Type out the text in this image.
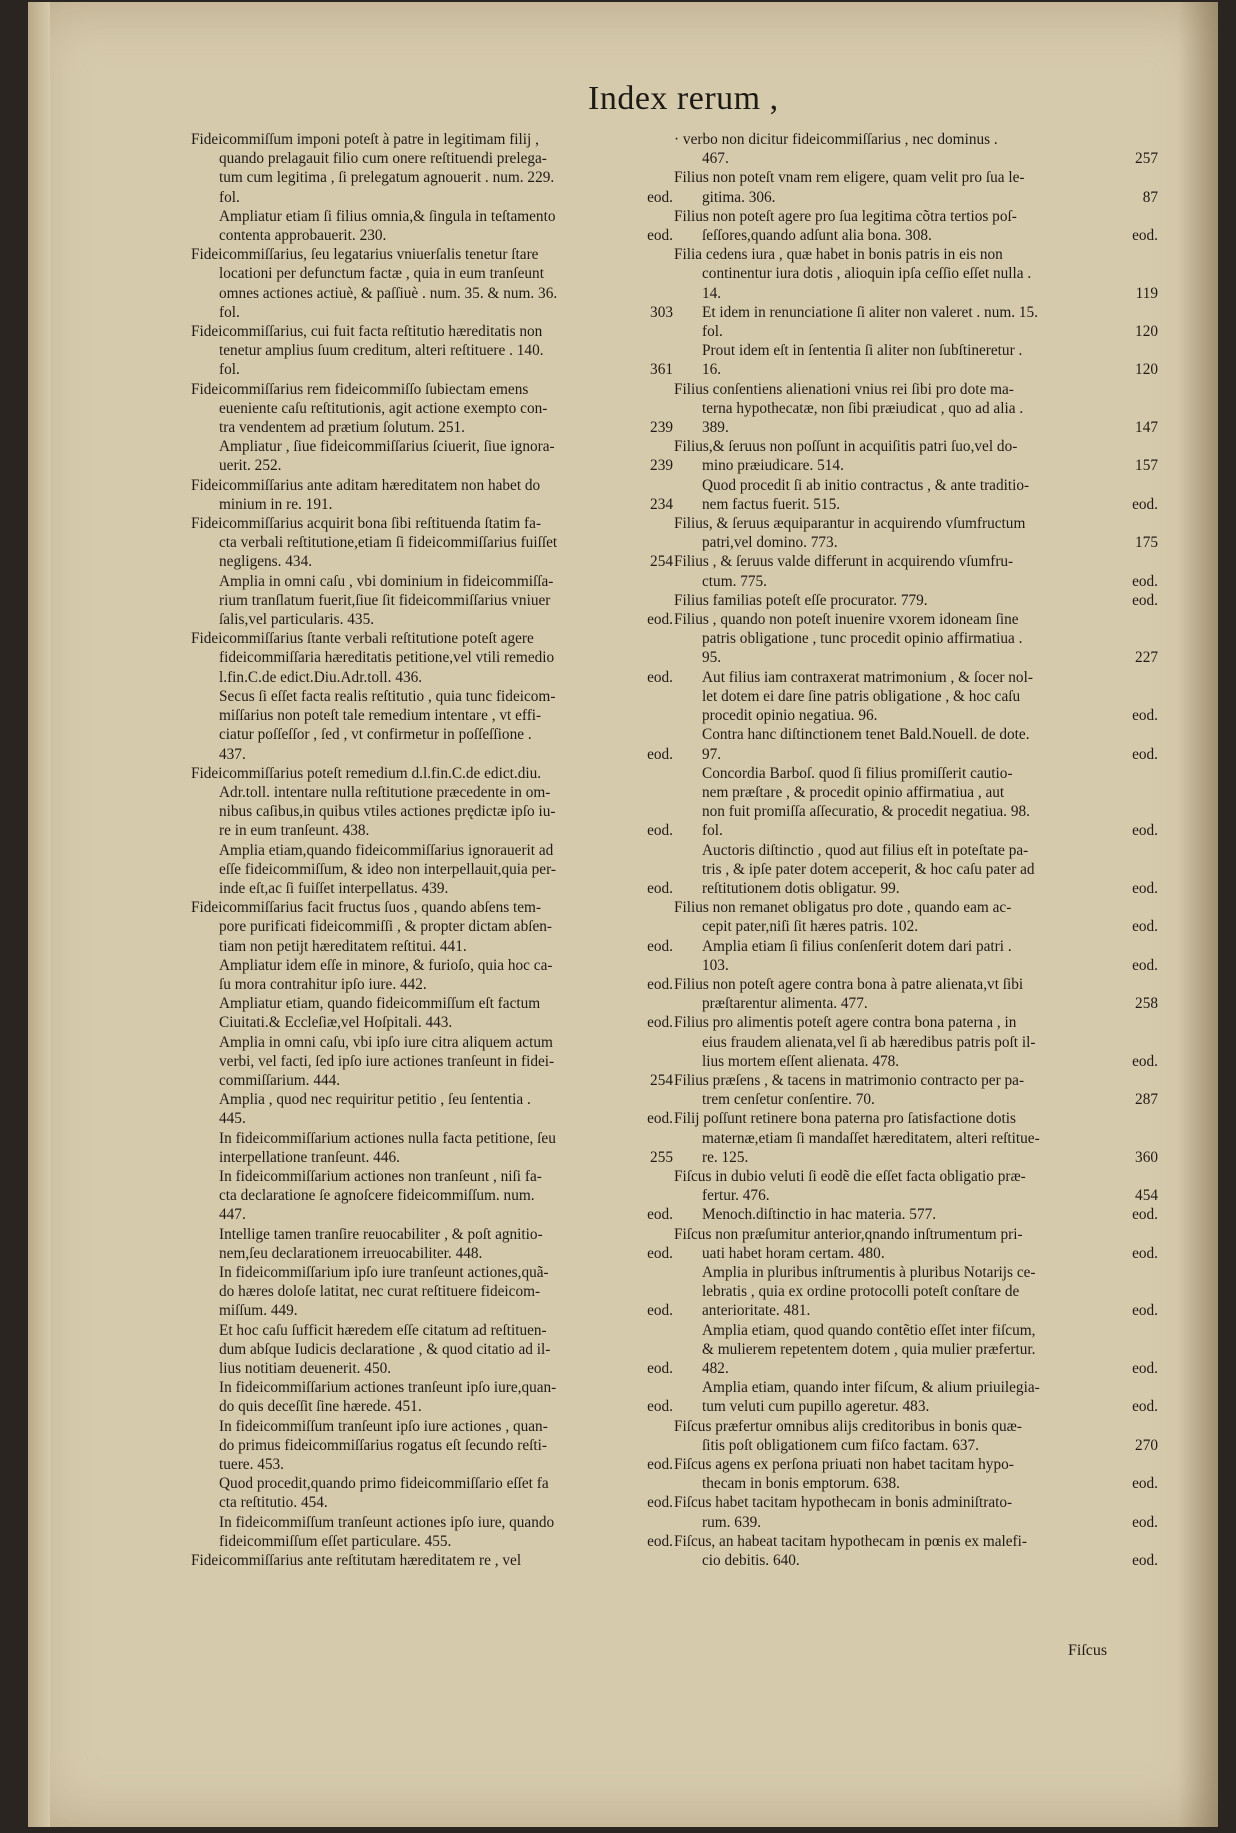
Index rerum ,
Fideicommiſſum imponi poteſt à patre in legitimam filij ,
quando prelagauit filio cum onere reſtituendi prelega-
tum cum legitima , ſi prelegatum agnouerit . num. 229.
fol.	eod.
Ampliatur etiam ſi filius omnia,& ſingula in teſtamento
contenta approbauerit. 230.	eod.
Fideicommiſſarius, ſeu legatarius vniuerſalis tenetur ſtare
locationi per defunctum factæ , quia in eum tranſeunt
omnes actiones actiuè, & paſſiuè . num. 35. & num. 36.
fol.	303
Fideicommiſſarius, cui fuit facta reſtitutio hæreditatis non
tenetur amplius ſuum creditum, alteri reſtituere . 140.
fol.	361
Fideicommiſſarius rem fideicommiſſo ſubiectam emens
eueniente caſu reſtitutionis, agit actione exempto con-
tra vendentem ad prætium ſolutum. 251.	239
Ampliatur , ſiue fideicommiſſarius ſciuerit, ſiue ignora-
uerit. 252.	239
Fideicommiſſarius ante aditam hæreditatem non habet do
minium in re. 191.	234
Fideicommiſſarius acquirit bona ſibi reſtituenda ſtatim fa-
cta verbali reſtitutione,etiam ſi fideicommiſſarius fuiſſet
negligens. 434.	254
Amplia in omni caſu , vbi dominium in fideicommiſſa-
rium tranſlatum fuerit,ſiue ſit fideicommiſſarius vniuer
ſalis,vel particularis. 435.	eod.
Fideicommiſſarius ſtante verbali reſtitutione poteſt agere
fideicommiſſaria hæreditatis petitione,vel vtili remedio
l.fin.C.de edict.Diu.Adr.toll. 436.	eod.
Secus ſi eſſet facta realis reſtitutio , quia tunc fideicom-
miſſarius non poteſt tale remedium intentare , vt effi-
ciatur poſſeſſor , ſed , vt confirmetur in poſſeſſione .
437.	eod.
Fideicommiſſarius poteſt remedium d.l.fin.C.de edict.diu.
Adr.toll. intentare nulla reſtitutione præcedente in om-
nibus caſibus,in quibus vtiles actiones prędictæ ipſo iu-
re in eum tranſeunt. 438.	eod.
Amplia etiam,quando fideicommiſſarius ignorauerit ad
eſſe fideicommiſſum, & ideo non interpellauit,quia per-
inde eſt,ac ſi fuiſſet interpellatus. 439.	eod.
Fideicommiſſarius facit fructus ſuos , quando abſens tem-
pore purificati fideicommiſſi , & propter dictam abſen-
tiam non petijt hæreditatem reſtitui. 441.	eod.
Ampliatur idem eſſe in minore, & furioſo, quia hoc ca-
ſu mora contrahitur ipſo iure. 442.	eod.
Ampliatur etiam, quando fideicommiſſum eſt factum
Ciuitati.& Eccleſiæ,vel Hoſpitali. 443.	eod.
Amplia in omni caſu, vbi ipſo iure citra aliquem actum
verbi, vel facti, ſed ipſo iure actiones tranſeunt in fidei-
commiſſarium. 444.	254
Amplia , quod nec requiritur petitio , ſeu ſententia .
445.	eod.
In fideicommiſſarium actiones nulla facta petitione, ſeu
interpellatione tranſeunt. 446.	255
In fideicommiſſarium actiones non tranſeunt , niſi fa-
cta declaratione ſe agnoſcere fideicommiſſum. num.
447.	eod.
Intellige tamen tranſire reuocabiliter , & poſt agnitio-
nem,ſeu declarationem irreuocabiliter. 448.	eod.
In fideicommiſſarium ipſo iure tranſeunt actiones,quã-
do hæres doloſe latitat, nec curat reſtituere fideicom-
miſſum. 449.	eod.
Et hoc caſu ſufficit hæredem eſſe citatum ad reſtituen-
dum abſque Iudicis declaratione , & quod citatio ad il-
lius notitiam deuenerit. 450.	eod.
In fideicommiſſarium actiones tranſeunt ipſo iure,quan-
do quis deceſſit ſine hærede. 451.	eod.
In fideicommiſſum tranſeunt ipſo iure actiones , quan-
do primus fideicommiſſarius rogatus eſt ſecundo reſti-
tuere. 453.	eod.
Quod procedit,quando primo fideicommiſſario eſſet fa
cta reſtitutio. 454.	eod.
In fideicommiſſum tranſeunt actiones ipſo iure, quando
fideicommiſſum eſſet particulare. 455.	eod.
Fideicommiſſarius ante reſtitutam hæreditatem re , vel
· verbo non dicitur fideicommiſſarius , nec dominus .
467.	257
Filius non poteſt vnam rem eligere, quam velit pro ſua le-
gitima. 306.	87
Filius non poteſt agere pro ſua legitima cõtra tertios poſ-
ſeſſores,quando adſunt alia bona. 308.	eod.
Filia cedens iura , quæ habet in bonis patris in eis non
continentur iura dotis , alioquin ipſa ceſſio eſſet nulla .
14.	119
Et idem in renunciatione ſi aliter non valeret . num. 15.
fol.	120
Prout idem eſt in ſententia ſi aliter non ſubſtineretur .
16.	120
Filius conſentiens alienationi vnius rei ſibi pro dote ma-
terna hypothecatæ, non ſibi præiudicat , quo ad alia .
389.	147
Filius,& ſeruus non poſſunt in acquiſitis patri ſuo,vel do-
mino præiudicare. 514.	157
Quod procedit ſi ab initio contractus , & ante traditio-
nem factus fuerit. 515.	eod.
Filius, & ſeruus æquiparantur in acquirendo vſumfructum
patri,vel domino. 773.	175
Filius , & ſeruus valde differunt in acquirendo vſumfru-
ctum. 775.	eod.
Filius familias poteſt eſſe procurator. 779.	eod.
Filius , quando non poteſt inuenire vxorem idoneam ſine
patris obligatione , tunc procedit opinio affirmatiua .
95.	227
Aut filius iam contraxerat matrimonium , & ſocer nol-
let dotem ei dare ſine patris obligatione , & hoc caſu
procedit opinio negatiua. 96.	eod.
Contra hanc diſtinctionem tenet Bald.Nouell. de dote.
97.	eod.
Concordia Barboſ. quod ſi filius promiſſerit cautio-
nem præſtare , & procedit opinio affirmatiua , aut
non fuit promiſſa aſſecuratio, & procedit negatiua. 98.
fol.	eod.
Auctoris diſtinctio , quod aut filius eſt in poteſtate pa-
tris , & ipſe pater dotem acceperit, & hoc caſu pater ad
reſtitutionem dotis obligatur. 99.	eod.
Filius non remanet obligatus pro dote , quando eam ac-
cepit pater,niſi ſit hæres patris. 102.	eod.
Amplia etiam ſi filius conſenſerit dotem dari patri .
103.	eod.
Filius non poteſt agere contra bona à patre alienata,vt ſibi
præſtarentur alimenta. 477.	258
Filius pro alimentis poteſt agere contra bona paterna , in
eius fraudem alienata,vel ſi ab hæredibus patris poſt il-
lius mortem eſſent alienata. 478.	eod.
Filius præſens , & tacens in matrimonio contracto per pa-
trem cenſetur conſentire. 70.	287
Filij poſſunt retinere bona paterna pro ſatisfactione dotis
maternæ,etiam ſi mandaſſet hæreditatem, alteri reſtitue-
re. 125.	360
Fiſcus in dubio veluti ſi eodẽ die eſſet facta obligatio præ-
fertur. 476.	454
Menoch.diſtinctio in hac materia. 577.	eod.
Fiſcus non præſumitur anterior,qnando inſtrumentum pri-
uati habet horam certam. 480.	eod.
Amplia in pluribus inſtrumentis à pluribus Notarijs ce-
lebratis , quia ex ordine protocolli poteſt conſtare de
anterioritate. 481.	eod.
Amplia etiam, quod quando contẽtio eſſet inter fiſcum,
& mulierem repetentem dotem , quia mulier præfertur.
482.	eod.
Amplia etiam, quando inter fiſcum, & alium priuilegia-
tum veluti cum pupillo ageretur. 483.	eod.
Fiſcus præfertur omnibus alijs creditoribus in bonis quæ-
ſitis poſt obligationem cum fiſco factam. 637.	270
Fiſcus agens ex perſona priuati non habet tacitam hypo-
thecam in bonis emptorum. 638.	eod.
Fiſcus habet tacitam hypothecam in bonis adminiſtrato-
rum. 639.	eod.
Fiſcus, an habeat tacitam hypothecam in pœnis ex malefi-
cio debitis. 640.	eod.
Fiſcus
